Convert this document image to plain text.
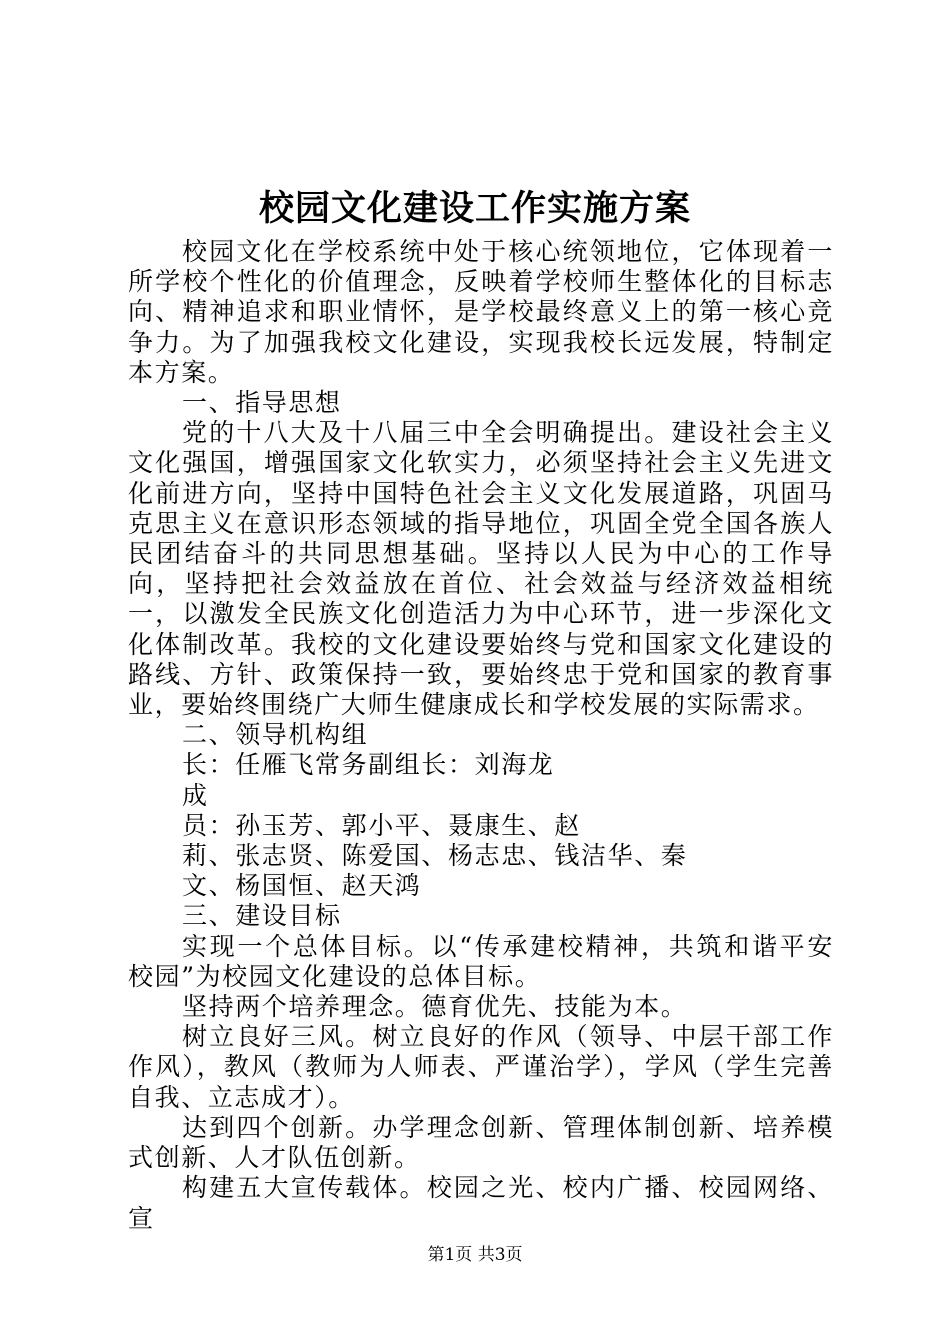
校园文化建设工作实施方案

校园文化在学校系统中处于核心统领地位，它体现着一所学校个性化的价值理念，反映着学校师生整体化的目标志向、精神追求和职业情怀，是学校最终意义上的第一核心竞争力。为了加强我校文化建设，实现我校长远发展，特制定本方案。

一、指导思想

党的十八大及十八届三中全会明确提出。建设社会主义文化强国，增强国家文化软实力，必须坚持社会主义先进文化前进方向，坚持中国特色社会主义文化发展道路，巩固马克思主义在意识形态领域的指导地位，巩固全党全国各族人民团结奋斗的共同思想基础。坚持以人民为中心的工作导向，坚持把社会效益放在首位、社会效益与经济效益相统一，以激发全民族文化创造活力为中心环节，进一步深化文化体制改革。我校的文化建设要始终与党和国家文化建设的路线、方针、政策保持一致，要始终忠于党和国家的教育事业，要始终围绕广大师生健康成长和学校发展的实际需求。

二、领导机构组

长：任雁飞常务副组长：刘海龙

成

员：孙玉芳、郭小平、聂康生、赵

莉、张志贤、陈爱国、杨志忠、钱洁华、秦

文、杨国恒、赵天鸿

三、建设目标

实现一个总体目标。以“传承建校精神，共筑和谐平安校园”为校园文化建设的总体目标。

坚持两个培养理念。德育优先、技能为本。

树立良好三风。树立良好的作风（领导、中层干部工作作风），教风（教师为人师表、严谨治学），学风（学生完善自我、立志成才）。

达到四个创新。办学理念创新、管理体制创新、培养模式创新、人才队伍创新。

构建五大宣传载体。校园之光、校内广播、校园网络、宣

第1页 共3页
